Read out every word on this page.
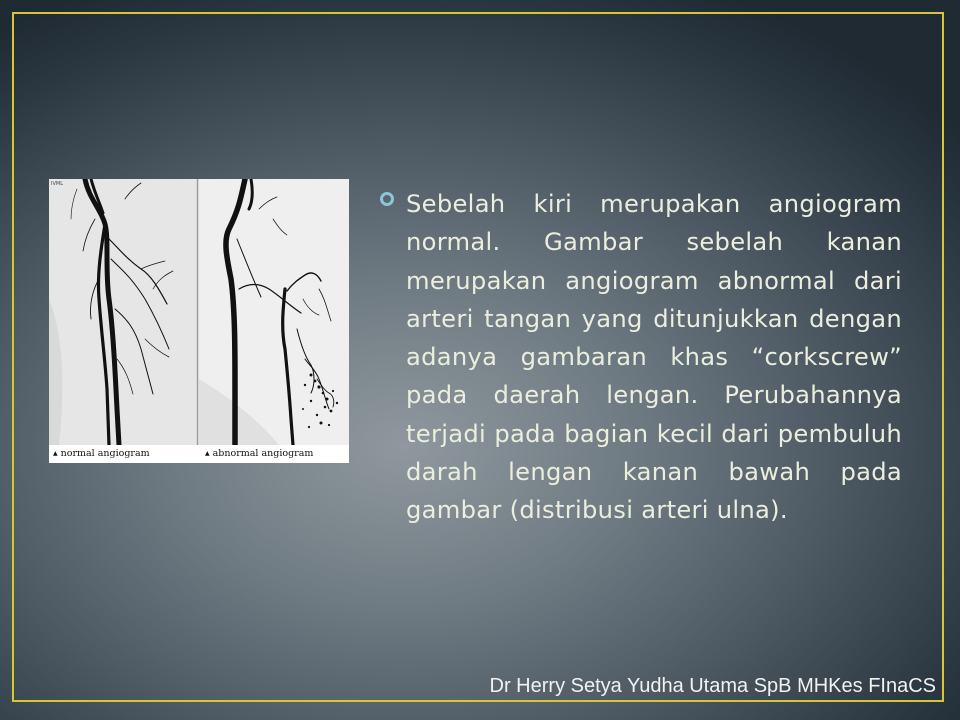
IVML
▲ normal angiogram	▲ abnormal angiogram
Sebelah kiri merupakan angiogram normal. Gambar sebelah kanan merupakan angiogram abnormal dari arteri tangan yang ditunjukkan dengan adanya gambaran khas “corkscrew” pada daerah lengan. Perubahannya terjadi pada bagian kecil dari pembuluh darah lengan kanan bawah pada gambar (distribusi arteri ulna).
Dr Herry Setya Yudha Utama SpB MHKes FInaCS
